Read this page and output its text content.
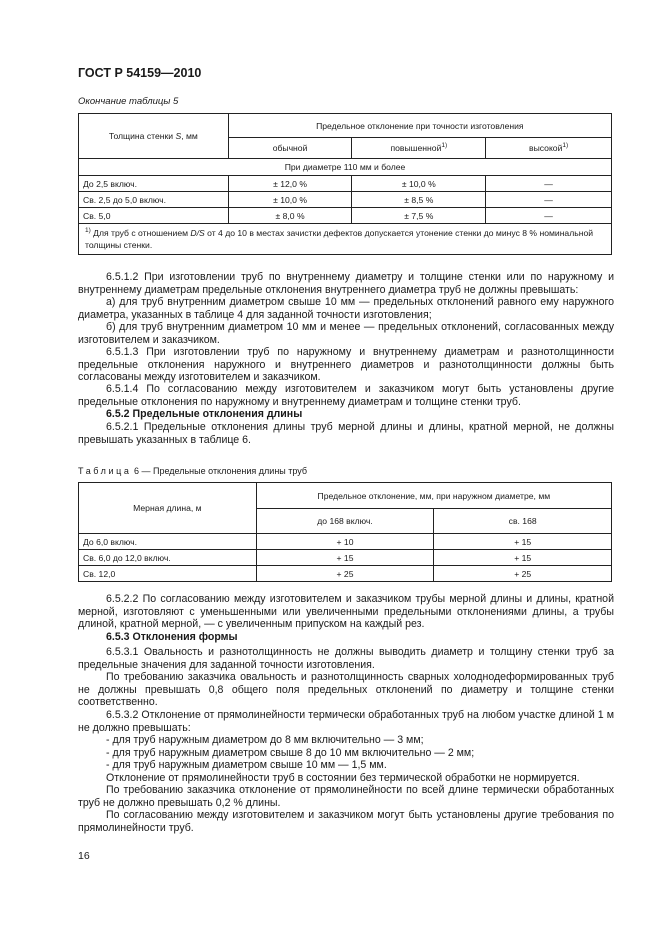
ГОСТ Р 54159—2010
Окончание таблицы 5
Толщина стенки S, мм	Предельное отклонение при точности изготовления		
	обычной	повышенной$^{1)}$	высокой$^{1)}$
При диаметре 110 мм и более			
До 2,5 включ.	± 12,0 %	± 10,0 %	—
Св. 2,5 до 5,0 включ.	± 10,0 %	± 8,5 %	—
Св. 5,0	± 8,0 %	± 7,5 %	—
$^{1)}$ Для труб с отношением D/S от 4 до 10 в местах зачистки дефектов допускается утонение стенки до минус 8 % номинальной толщины стенки.			
6.5.1.2 При изготовлении труб по внутреннему диаметру и толщине стенки или по наружному и внутреннему диаметрам предельные отклонения внутреннего диаметра труб не должны превышать:
а) для труб внутренним диаметром свыше 10 мм — предельных отклонений равного ему наружного диаметра, указанных в таблице 4 для заданной точности изготовления;
б) для труб внутренним диаметром 10 мм и менее — предельных отклонений, согласованных между изготовителем и заказчиком.
6.5.1.3 При изготовлении труб по наружному и внутреннему диаметрам и разнотолщинности предельные отклонения наружного и внутреннего диаметров и разнотолщинности должны быть согласованы между изготовителем и заказчиком.
6.5.1.4 По согласованию между изготовителем и заказчиком могут быть установлены другие предельные отклонения по наружному и внутреннему диаметрам и толщине стенки труб.
6.5.2 Предельные отклонения длины
6.5.2.1 Предельные отклонения длины труб мерной длины и длины, кратной мерной, не должны превышать указанных в таблице 6.
Таблица 6 — Предельные отклонения длины труб
Мерная длина, м	Предельное отклонение, мм, при наружном диаметре, мм	
	до 168 включ.	св. 168
До 6,0 включ.	+ 10	+ 15
Св. 6,0 до 12,0 включ.	+ 15	+ 15
Св. 12,0	+ 25	+ 25
6.5.2.2 По согласованию между изготовителем и заказчиком трубы мерной длины и длины, кратной мерной, изготовляют с уменьшенными или увеличенными предельными отклонениями длины, а трубы длиной, кратной мерной, — с увеличенным припуском на каждый рез.
6.5.3 Отклонения формы
6.5.3.1 Овальность и разнотолщинность не должны выводить диаметр и толщину стенки труб за предельные значения для заданной точности изготовления.
По требованию заказчика овальность и разнотолщинность сварных холоднодеформированных труб не должны превышать 0,8 общего поля предельных отклонений по диаметру и толщине стенки соответственно.
6.5.3.2 Отклонение от прямолинейности термически обработанных труб на любом участке длиной 1 м не должно превышать:
- для труб наружным диаметром до 8 мм включительно — 3 мм;
- для труб наружным диаметром свыше 8 до 10 мм включительно — 2 мм;
- для труб наружным диаметром свыше 10 мм — 1,5 мм.
Отклонение от прямолинейности труб в состоянии без термической обработки не нормируется.
По требованию заказчика отклонение от прямолинейности по всей длине термически обработанных труб не должно превышать 0,2 % длины.
По согласованию между изготовителем и заказчиком могут быть установлены другие требования по прямолинейности труб.
16
